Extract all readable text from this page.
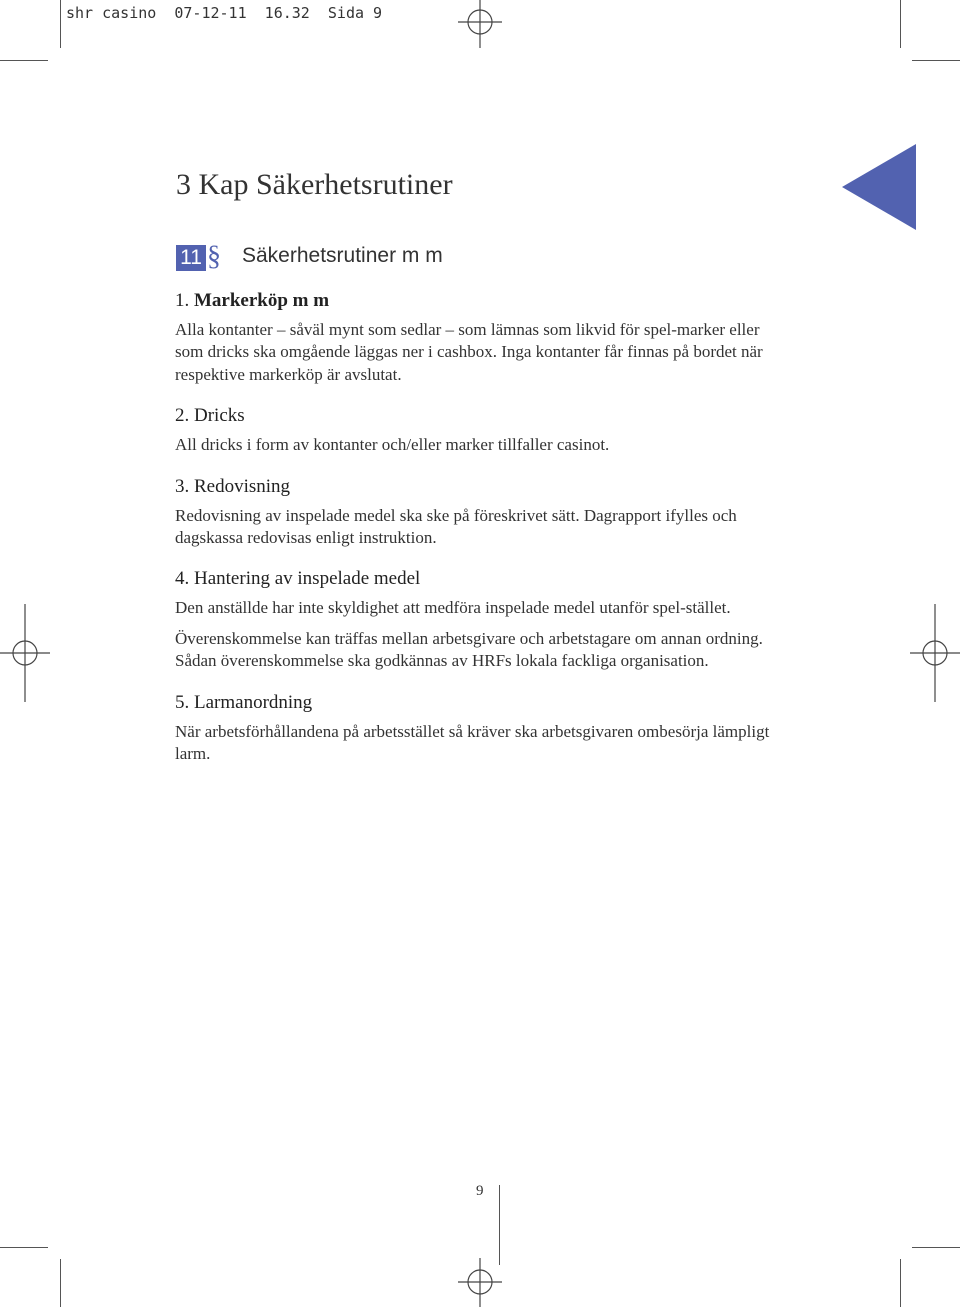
shr casino  07-12-11  16.32  Sida 9
3 Kap Säkerhetsrutiner
11 § Säkerhetsrutiner m m
1. Markerköp m m

Alla kontanter – såväl mynt som sedlar – som lämnas som likvid för spel-marker eller som dricks ska omgående läggas ner i cashbox. Inga kontanter får finnas på bordet när respektive markerköp är avslutat.

2. Dricks

All dricks i form av kontanter och/eller marker tillfaller casinot.

3. Redovisning

Redovisning av inspelade medel ska ske på föreskrivet sätt. Dagrapport ifylles och dagskassa redovisas enligt instruktion.

4. Hantering av inspelade medel

Den anställde har inte skyldighet att medföra inspelade medel utanför spel-stället.

Överenskommelse kan träffas mellan arbetsgivare och arbetstagare om annan ordning. Sådan överenskommelse ska godkännas av HRFs lokala fackliga organisation.

5. Larmanordning

När arbetsförhållandena på arbetsstället så kräver ska arbetsgivaren ombesörja lämpligt larm.

9
